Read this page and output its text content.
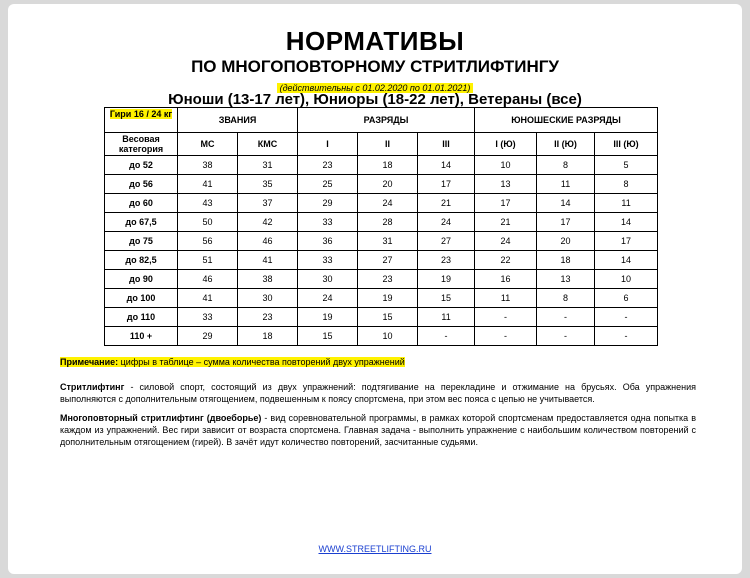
НОРМАТИВЫ
ПО МНОГОПОВТОРНОМУ СТРИТЛИФТИНГУ
(действительны с 01.02.2020 по 01.01.2021)
Юноши (13-17 лет), Юниоры (18-22 лет), Ветераны (все)
Гири 16 / 24 кг	ЗВАНИЯ		РАЗРЯДЫ			ЮНОШЕСКИЕ РАЗРЯДЫ		
Весовая категория	МС	КМС	I	II	III	I (Ю)	II (Ю)	III (Ю)
до 52	38	31	23	18	14	10	8	5
до 56	41	35	25	20	17	13	11	8
до 60	43	37	29	24	21	17	14	11
до 67,5	50	42	33	28	24	21	17	14
до 75	56	46	36	31	27	24	20	17
до 82,5	51	41	33	27	23	22	18	14
до 90	46	38	30	23	19	16	13	10
до 100	41	30	24	19	15	11	8	6
до 110	33	23	19	15	11	-	-	-
110 +	29	18	15	10	-	-	-	-
Примечание: цифры в таблице – сумма количества повторений двух упражнений
Стритлифтинг - силовой спорт, состоящий из двух упражнений: подтягивание на перекладине и отжимание на брусьях. Оба упражнения выполняются с дополнительным отягощением, подвешенным к поясу спортсмена, при этом вес пояса с цепью не учитывается.
Многоповторный стритлифтинг (двоеборье) - вид соревновательной программы, в рамках которой спортсменам предоставляется одна попытка в каждом из упражнений. Вес гири зависит от возраста спортсмена. Главная задача - выполнить упражнение с наибольшим количеством повторений с дополнительным отягощением (гирей). В зачёт идут количество повторений, засчитанные судьями.
WWW.STREETLIFTING.RU
